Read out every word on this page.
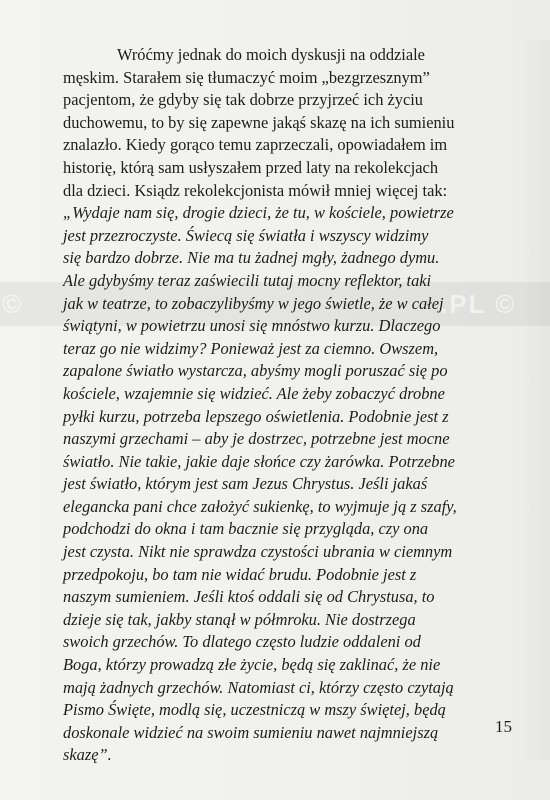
©	.PL ©
Wróćmy jednak do moich dyskusji na oddziale
męskim. Starałem się tłumaczyć moim „bezgrzesznym”
pacjentom, że gdyby się tak dobrze przyjrzeć ich życiu
duchowemu, to by się zapewne jakąś skazę na ich sumieniu
znalazło. Kiedy gorąco temu zaprzeczali, opowiadałem im
historię, którą sam usłyszałem przed laty na rekolekcjach
dla dzieci. Ksiądz rekolekcjonista mówił mniej więcej tak:
„Wydaje nam się, drogie dzieci, że tu, w kościele, powietrze
jest przezroczyste. Świecą się światła i wszyscy widzimy
się bardzo dobrze. Nie ma tu żadnej mgły, żadnego dymu.
Ale gdybyśmy teraz zaświecili tutaj mocny reflektor, taki
jak w teatrze, to zobaczylibyśmy w jego świetle, że w całej
świątyni, w powietrzu unosi się mnóstwo kurzu. Dlaczego
teraz go nie widzimy? Ponieważ jest za ciemno. Owszem,
zapalone światło wystarcza, abyśmy mogli poruszać się po
kościele, wzajemnie się widzieć. Ale żeby zobaczyć drobne
pyłki kurzu, potrzeba lepszego oświetlenia. Podobnie jest z
naszymi grzechami – aby je dostrzec, potrzebne jest mocne
światło. Nie takie, jakie daje słońce czy żarówka. Potrzebne
jest światło, którym jest sam Jezus Chrystus. Jeśli jakaś
elegancka pani chce założyć sukienkę, to wyjmuje ją z szafy,
podchodzi do okna i tam bacznie się przygląda, czy ona
jest czysta. Nikt nie sprawdza czystości ubrania w ciemnym
przedpokoju, bo tam nie widać brudu. Podobnie jest z
naszym sumieniem. Jeśli ktoś oddali się od Chrystusa, to
dzieje się tak, jakby stanął w półmroku. Nie dostrzega
swoich grzechów. To dlatego często ludzie oddaleni od
Boga, którzy prowadzą złe życie, będą się zaklinać, że nie
mają żadnych grzechów. Natomiast ci, którzy często czytają
Pismo Święte, modlą się, uczestniczą w mszy świętej, będą
doskonale widzieć na swoim sumieniu nawet najmniejszą
skazę”.
15
